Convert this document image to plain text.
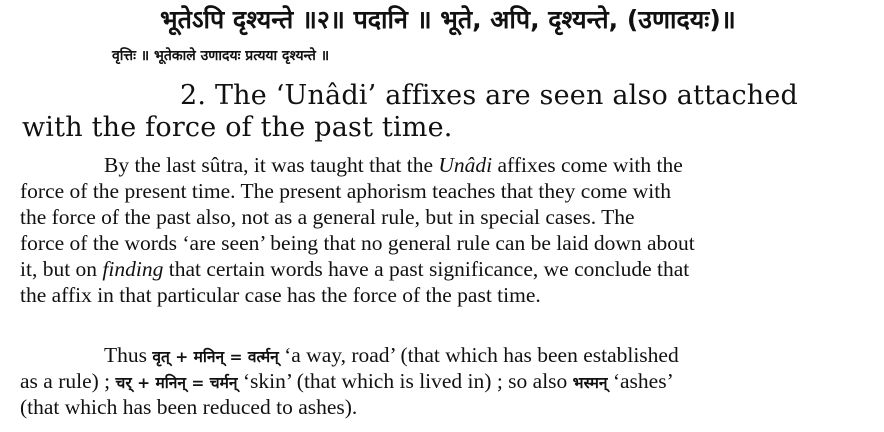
भूतेऽपि दृश्यन्ते ॥२॥ पदानि ॥ भूते, अपि, दृश्यन्ते, (उणादयः)॥
वृत्तिः ॥ भूतेकाले उणादयः प्रत्यया दृश्यन्ते ॥
2. The ‘Unâdi’ affixes are seen also attached
with the force of the past time.
By the last sûtra, it was taught that the Unâdi affixes come with the
force of the present time. The present aphorism teaches that they come with
the force of the past also, not as a general rule, but in special cases. The
force of the words ‘are seen’ being that no general rule can be laid down about
it, but on finding that certain words have a past significance, we conclude that
the affix in that particular case has the force of the past time.
Thus वृत् + मनिन् = वर्त्मन् ‘a way, road’ (that which has been established
as a rule) ; चर् + मनिन् = चर्मन् ‘skin’ (that which is lived in) ; so also भस्मन् ‘ashes’
(that which has been reduced to ashes).
